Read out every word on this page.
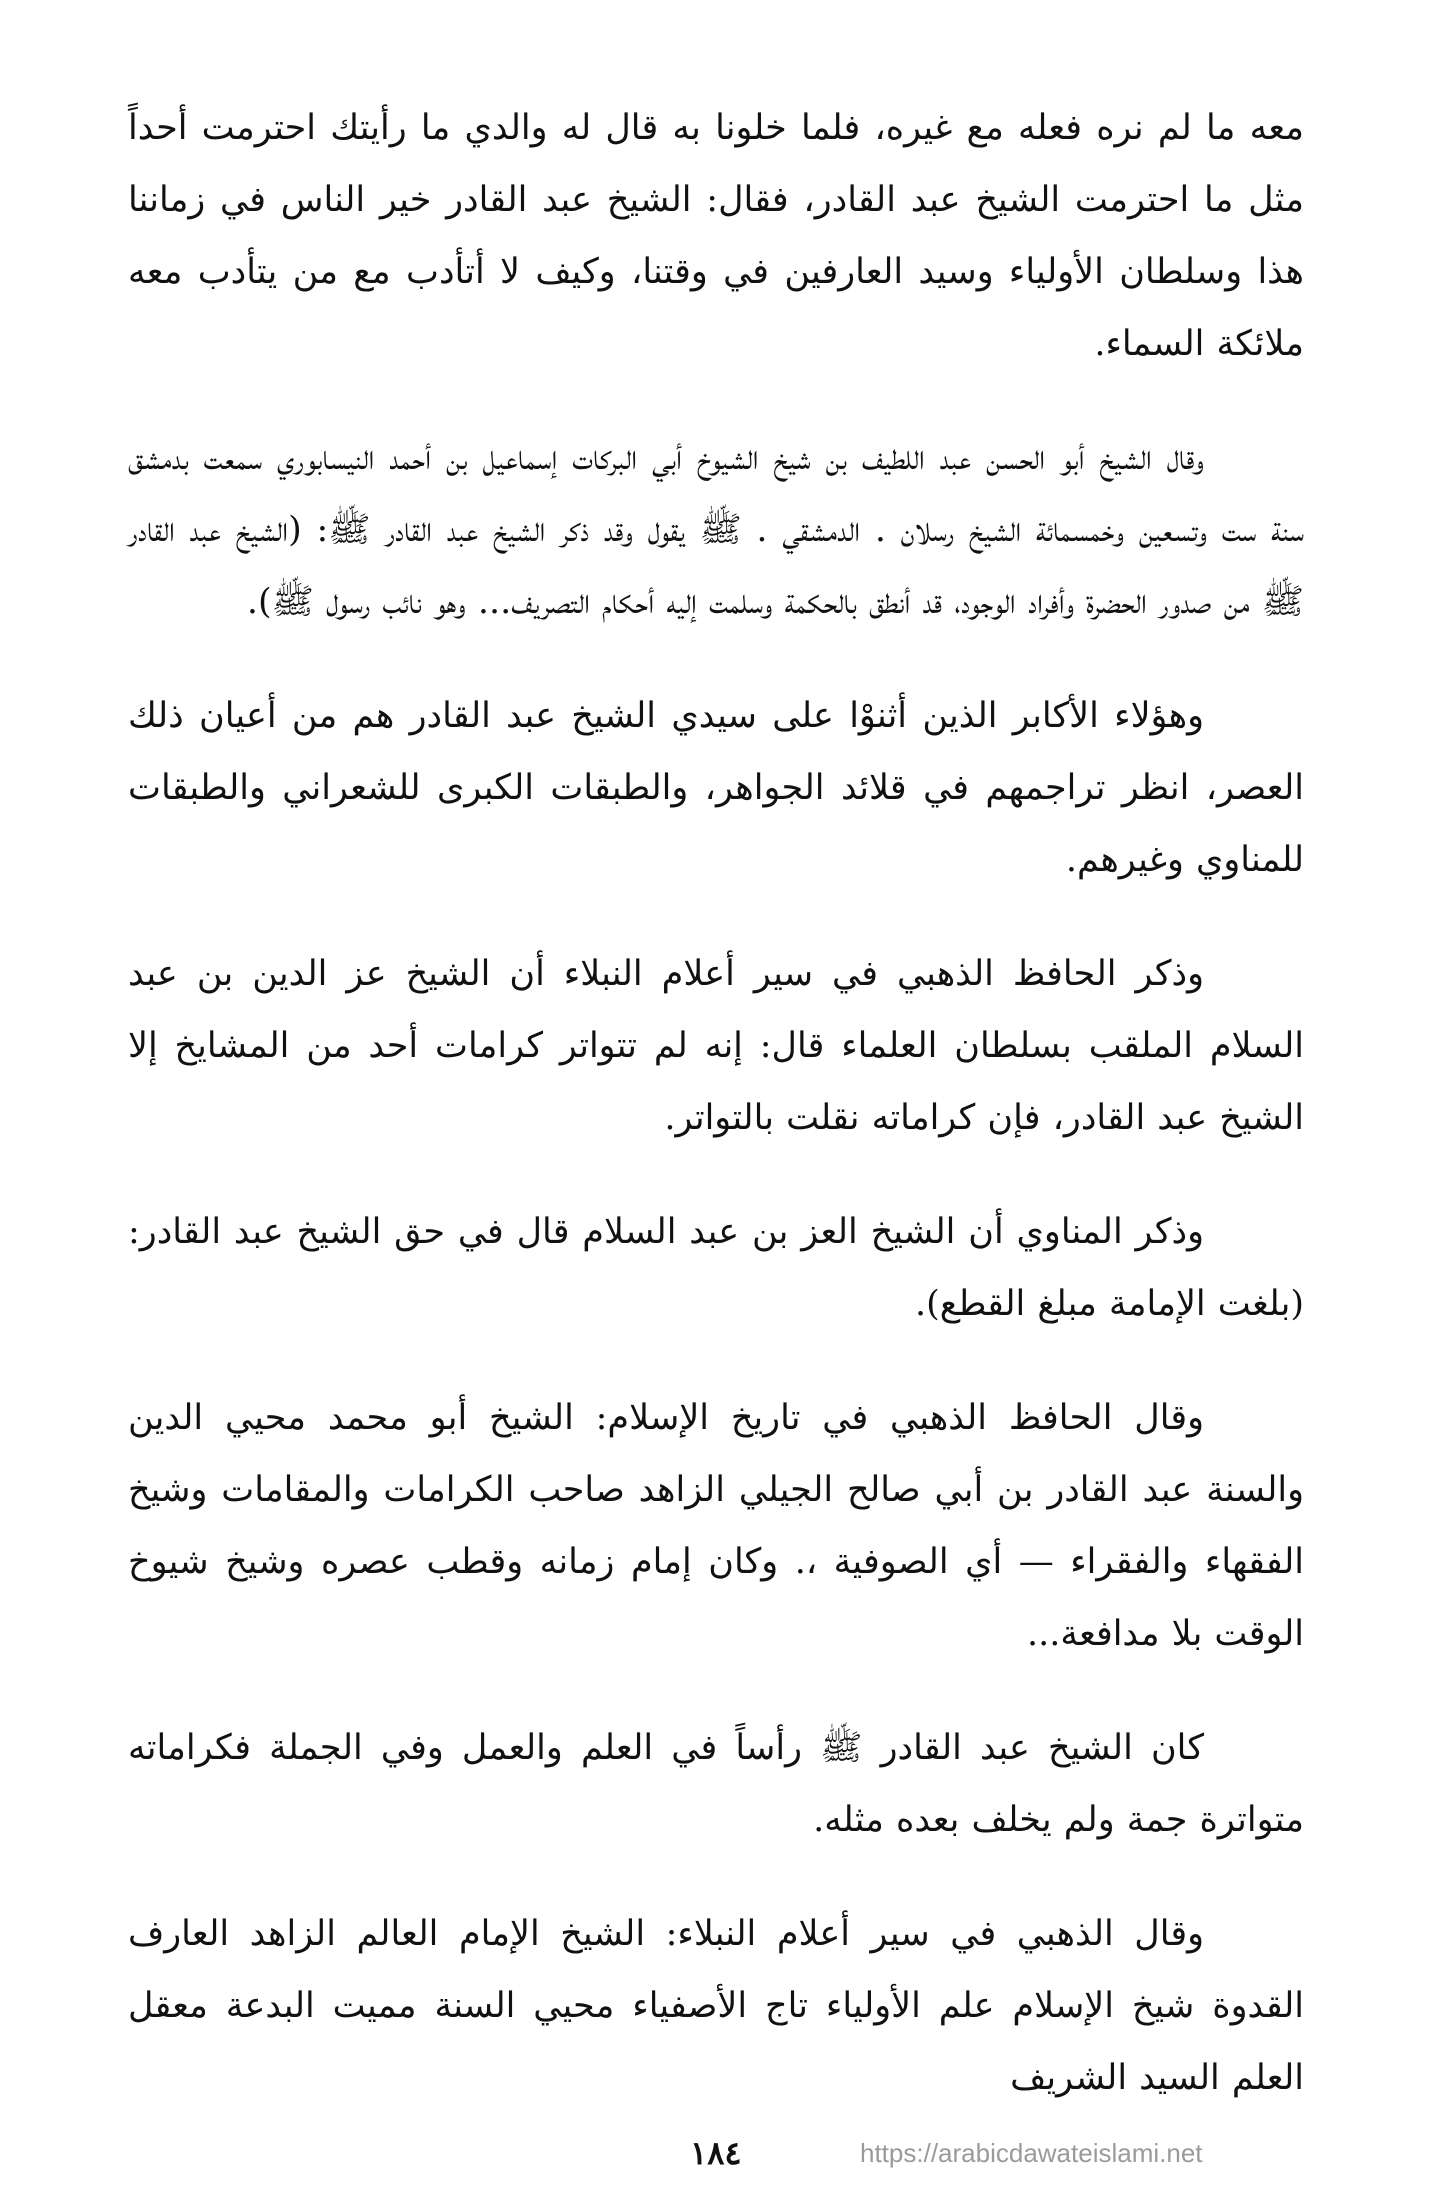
معه ما لم نره فعله مع غيره، فلما خلونا به قال له والدي ما رأيتك احترمت أحداً مثل ما احترمت الشيخ عبد القادر، فقال: الشيخ عبد القادر خير الناس في زماننا هذا وسلطان الأولياء وسيد العارفين في وقتنا، وكيف لا أتأدب مع من يتأدب معه ملائكة السماء.

وقال الشيخ أبو الحسن عبد اللطيف بن شيخ الشيوخ أبي البركات إسماعيل بن أحمد النيسابوري سمعت بدمشق سنة ست وتسعين وخمسمائة الشيخ رسلان . الدمشقي . ﷺ يقول وقد ذكر الشيخ عبد القادر ﷺ: (الشيخ عبد القادر ﷺ من صدور الحضرة وأفراد الوجود، قد أنطق بالحكمة وسلمت إليه أحكام التصريف... وهو نائب رسول ﷺ).

وهؤلاء الأكابر الذين أثنوْا على سيدي الشيخ عبد القادر هم من أعيان ذلك العصر، انظر تراجمهم في قلائد الجواهر، والطبقات الكبرى للشعراني والطبقات للمناوي وغيرهم.

وذكر الحافظ الذهبي في سير أعلام النبلاء أن الشيخ عز الدين بن عبد السلام الملقب بسلطان العلماء قال: إنه لم تتواتر كرامات أحد من المشايخ إلا الشيخ عبد القادر، فإن كراماته نقلت بالتواتر.

وذكر المناوي أن الشيخ العز بن عبد السلام قال في حق الشيخ عبد القادر: (بلغت الإمامة مبلغ القطع).

وقال الحافظ الذهبي في تاريخ الإسلام: الشيخ أبو محمد محيي الدين والسنة عبد القادر بن أبي صالح الجيلي الزاهد صاحب الكرامات والمقامات وشيخ الفقهاء والفقراء — أي الصوفية ،. وكان إمام زمانه وقطب عصره وشيخ شيوخ الوقت بلا مدافعة...

كان الشيخ عبد القادر ﷺ رأساً في العلم والعمل وفي الجملة فكراماته متواترة جمة ولم يخلف بعده مثله.

وقال الذهبي في سير أعلام النبلاء: الشيخ الإمام العالم الزاهد العارف القدوة شيخ الإسلام علم الأولياء تاج الأصفياء محيي السنة مميت البدعة معقل العلم السيد الشريف

١٨٤	https://arabicdawateislami.net
